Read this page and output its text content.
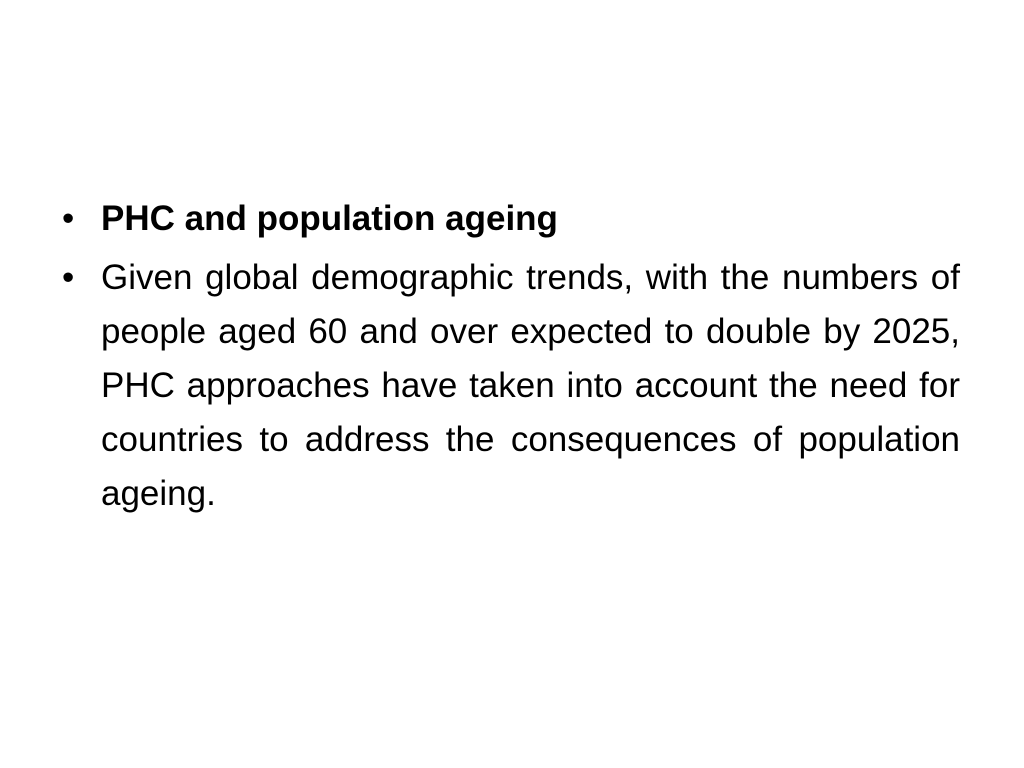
• PHC and population ageing
• Given global demographic trends, with the numbers of people aged 60 and over expected to double by 2025, PHC approaches have taken into account the need for countries to address the consequences of population ageing.
